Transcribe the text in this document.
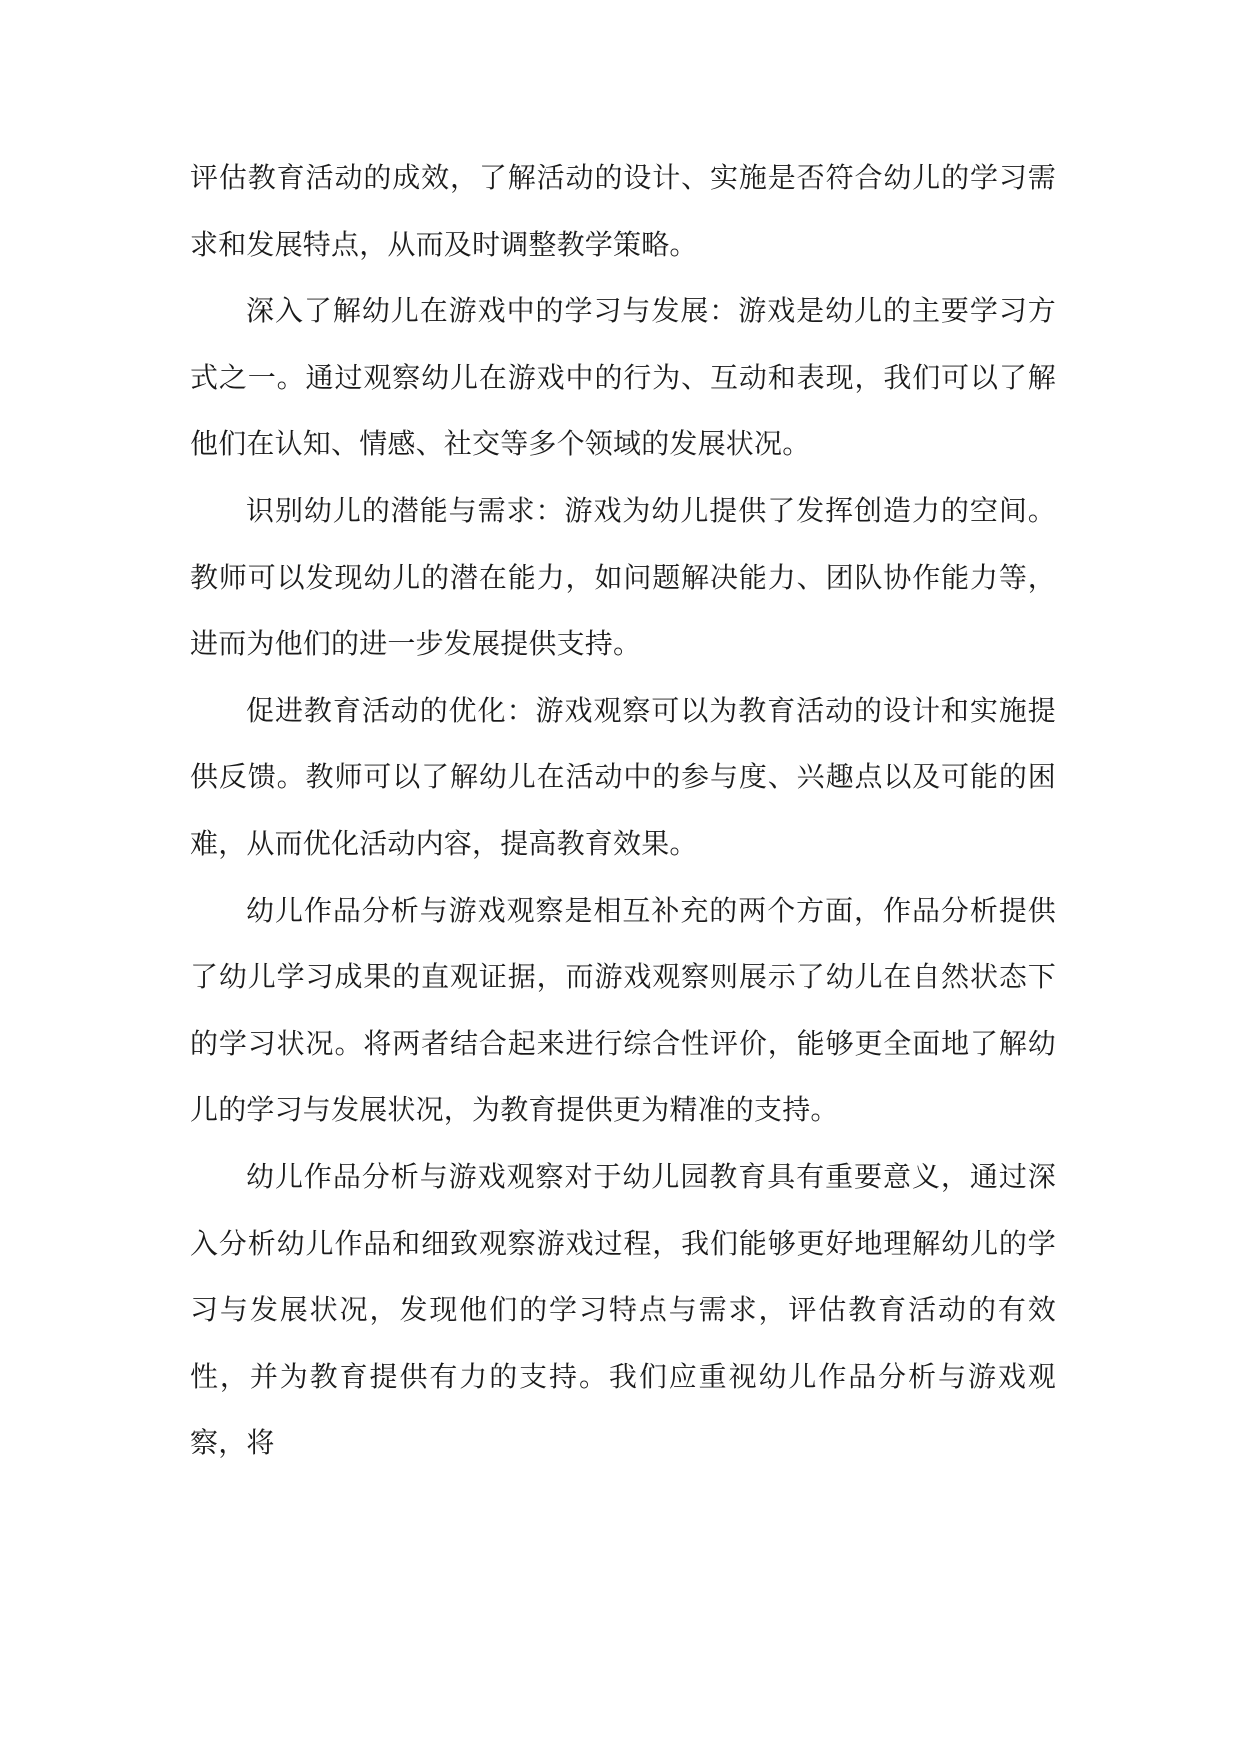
评估教育活动的成效，了解活动的设计、实施是否符合幼儿的学习需求和发展特点，从而及时调整教学策略。

深入了解幼儿在游戏中的学习与发展：游戏是幼儿的主要学习方式之一。通过观察幼儿在游戏中的行为、互动和表现，我们可以了解他们在认知、情感、社交等多个领域的发展状况。

识别幼儿的潜能与需求：游戏为幼儿提供了发挥创造力的空间。教师可以发现幼儿的潜在能力，如问题解决能力、团队协作能力等，进而为他们的进一步发展提供支持。

促进教育活动的优化：游戏观察可以为教育活动的设计和实施提供反馈。教师可以了解幼儿在活动中的参与度、兴趣点以及可能的困难，从而优化活动内容，提高教育效果。

幼儿作品分析与游戏观察是相互补充的两个方面，作品分析提供了幼儿学习成果的直观证据，而游戏观察则展示了幼儿在自然状态下的学习状况。将两者结合起来进行综合性评价，能够更全面地了解幼儿的学习与发展状况，为教育提供更为精准的支持。

幼儿作品分析与游戏观察对于幼儿园教育具有重要意义，通过深入分析幼儿作品和细致观察游戏过程，我们能够更好地理解幼儿的学习与发展状况，发现他们的学习特点与需求，评估教育活动的有效性，并为教育提供有力的支持。我们应重视幼儿作品分析与游戏观察，将
